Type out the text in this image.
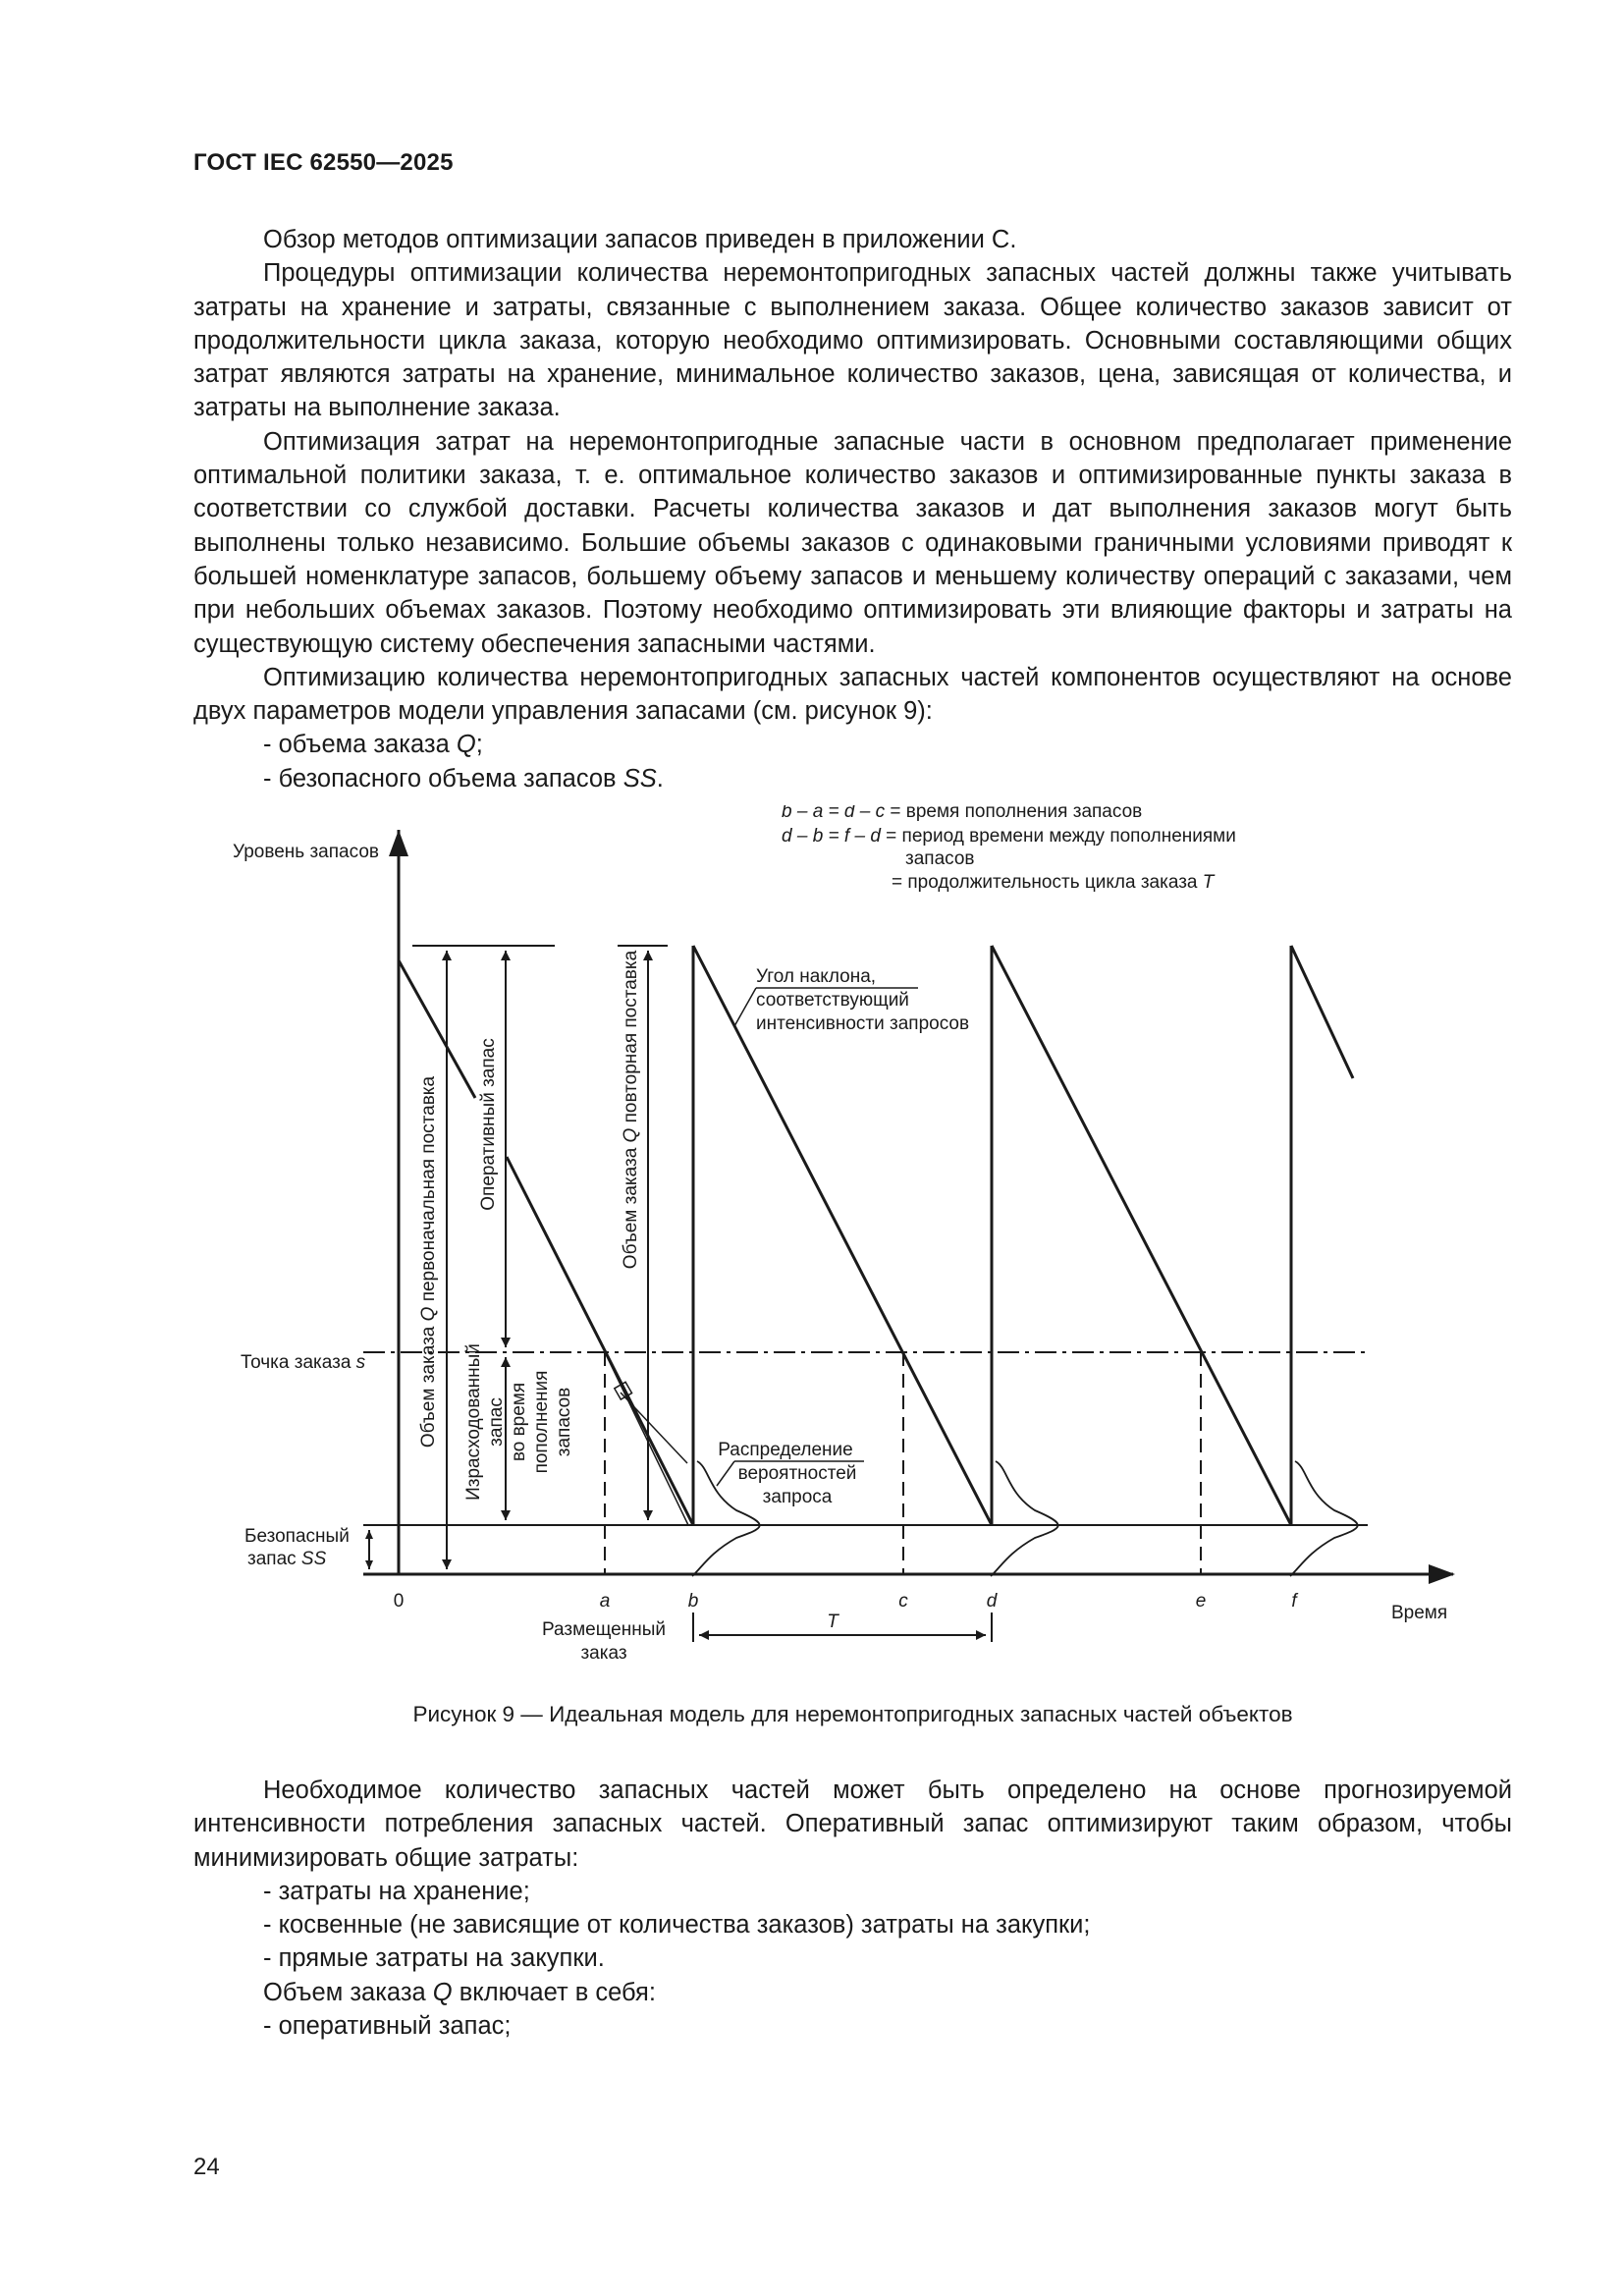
ГОСТ IEC 62550—2025

Обзор методов оптимизации запасов приведен в приложении С.

Процедуры оптимизации количества неремонтопригодных запасных частей должны также учитывать затраты на хранение и затраты, связанные с выполнением заказа. Общее количество заказов зависит от продолжительности цикла заказа, которую необходимо оптимизировать. Основными составляющими общих затрат являются затраты на хранение, минимальное количество заказов, цена, зависящая от количества, и затраты на выполнение заказа.

Оптимизация затрат на неремонтопригодные запасные части в основном предполагает применение оптимальной политики заказа, т. е. оптимальное количество заказов и оптимизированные пункты заказа в соответствии со службой доставки. Расчеты количества заказов и дат выполнения заказов могут быть выполнены только независимо. Большие объемы заказов с одинаковыми граничными условиями приводят к большей номенклатуре запасов, большему объему запасов и меньшему количеству операций с заказами, чем при небольших объемах заказов. Поэтому необходимо оптимизировать эти влияющие факторы и затраты на существующую систему обеспечения запасными частями.

Оптимизацию количества неремонтопригодных запасных частей компонентов осуществляют на основе двух параметров модели управления запасами (см. рисунок 9):

- объема заказа Q;

- безопасного объема запасов SS.

Уровень запасов
Время
b – a = d – c = время пополнения запасов
d – b = f – d = период времени между пополнениями
запасов
= продолжительность цикла заказа T
Угол наклона,
соответствующий
интенсивности запросов
Точка заказа s
Безопасный
запас SS
Объем заказа Q первоначальная поставка Оперативный запас
Израсходованный запас во время пополнения запасов
Объем заказа Q повторная поставка
Распределение
вероятностей
запроса
0	a	b	c	d	e	f
Размещенный
заказ
T
Рисунок 9 — Идеальная модель для неремонтопригодных запасных частей объектов

Необходимое количество запасных частей может быть определено на основе прогнозируемой интенсивности потребления запасных частей. Оперативный запас оптимизируют таким образом, чтобы минимизировать общие затраты:

- затраты на хранение;

- косвенные (не зависящие от количества заказов) затраты на закупки;

- прямые затраты на закупки.

Объем заказа Q включает в себя:

- оперативный запас;

24
